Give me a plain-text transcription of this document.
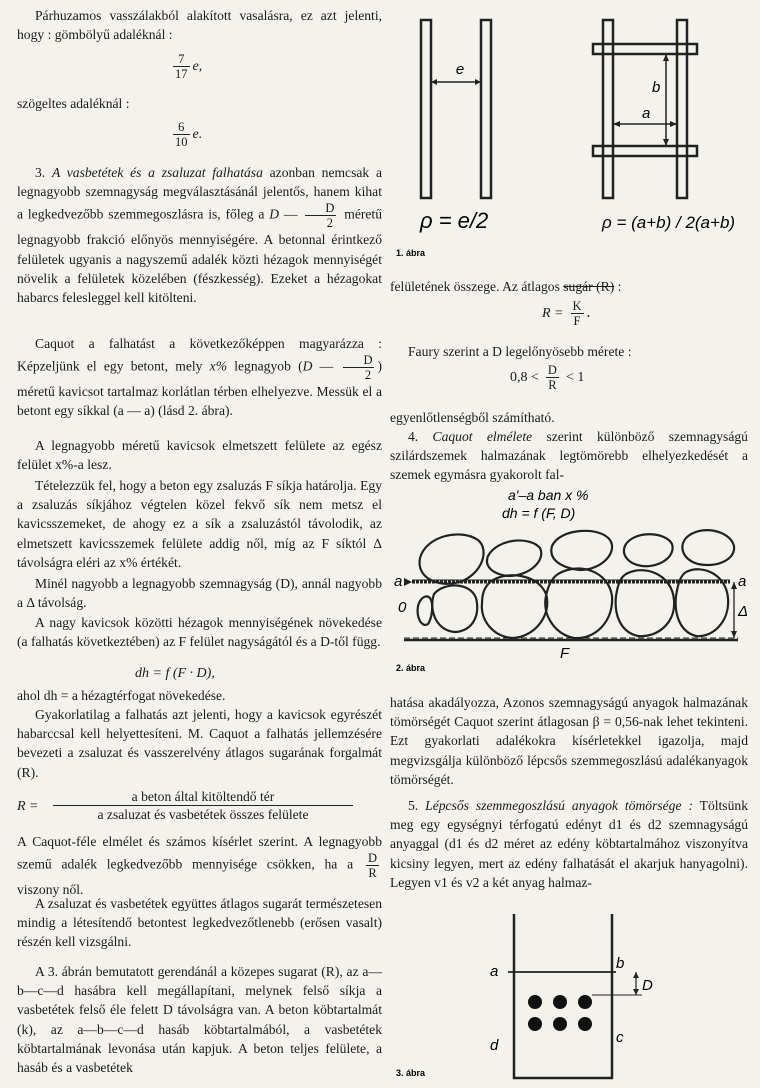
Párhuzamos vasszálakból alakított vasalásra, ez azt jelenti, hogy : gömbölyű adaléknál :

$\frac{7}{17} e$,

szögeltes adaléknál :

$\frac{6}{10} e$.

3. A vasbetétek és a zsaluzat falhatása azonban nemcsak a legnagyobb szemnagyság megválasztásánál jelentős, hanem kihat a legkedvezőbb szemmegoszlásra is, főleg a D — $\frac{D}{2}$ méretű legnagyobb frakció előnyös mennyiségére. A betonnal érintkező felületek ugyanis a nagyszemű adalék közti hézagok mennyiségét növelik a felületek közelében (fészkesség). Ezeket a hézagokat habarcs felesleggel kell kitölteni.

Caquot a falhatást a következőképpen magyarázza : Képzeljünk el egy betont, mely x% legnagyob (D — $\frac{D}{2}$ ) méretű kavicsot tartalmaz korlátlan térben elhelyezve. Messük el a betont egy síkkal (a — a) (lásd 2. ábra).

A legnagyobb méretű kavicsok elmetszett felülete az egész felület x%-a lesz.

Tételezzük fel, hogy a beton egy zsaluzás F síkja határolja. Egy a zsaluzás síkjához végtelen közel fekvő sík nem metsz el kavicsszemeket, de ahogy ez a sík a zsaluzástól távolodik, az elmetszett kavicsszemek felülete addig nől, míg az F síktól Δ távolságra eléri az x% értékét.

Minél nagyobb a legnagyobb szemnagyság (D), annál nagyobb a Δ távolság.

A nagy kavicsok közötti hézagok mennyiségének növekedése (a falhatás következtében) az F felület nagyságától és a D-től függ.

dh = f (F · D),

ahol dh = a hézagtérfogat növekedése.

Gyakorlatilag a falhatás azt jelenti, hogy a kavicsok egyrészét habarccsal kell helyettesíteni. M. Caquot a falhatás jellemzésére bevezeti a zsaluzat és vasszerelvény átlagos sugarának forgalmát (R).

R =
a beton által kitöltendő tér
a zsaluzat és vasbetétek összes felülete

A Caquot-féle elmélet és számos kísérlet szerint. A legnagyobb szemű adalék legkedvezőbb mennyisége csökken, ha a $\frac{D}{R}$
viszony nől.

A zsaluzat és vasbetétek együttes átlagos sugarát természetesen mindig a létesítendő betontest legkedvezőtlenebb (erősen vasalt) részén kell vizsgálni.

A 3. ábrán bemutatott gerendánál a közepes sugarat (R), az a—b—c—d hasábra kell megállapítani, melynek felső síkja a vasbetétek felső éle felett D távolságra van. A beton köbtartalmát (k), az a—b—c—d hasáb köbtartalmából, a vasbetétek köbtartalmának levonása után kapjuk. A beton teljes felülete, a hasáb és a vasbetétek

e
ρ = e/2
b
a
ρ = (a+b) / 2(a+b)
1. ábra

felületének összege. Az átlagos sugár (R) :

$R = \frac{K}{F}$ .

Faury szerint a D legelőnyösebb mérete :

$0,8 < \frac{D}{R} < 1$

egyenlőtlenségből számítható.

4. Caquot elmélete szerint különböző szemnagyságú szilárdszemek halmazának legtömörebb elhelyezkedését a szemek egymásra gyakorolt fal-

a'–a ban x %
dh = f (F, D)
a	a
0
F
Δ
2. ábra

hatása akadályozza, Azonos szemnagyságú anyagok halmazának tömörségét Caquot szerint átlagosan β = 0,56-nak lehet tekinteni. Ezt gyakorlati adalékokra kísérletekkel igazolja, majd megvizsgálja különböző lépcsős szemmegoszlású adalékanyagok tömörségét.

5. Lépcsős szemmegoszlású anyagok tömörsége : Töltsünk meg egy egységnyi térfogatú edényt d1 és d2 szemnagyságú anyaggal (d1 és d2 méret az edény köbtartalmához viszonyítva kicsiny legyen, mert az edény falhatását el akarjuk hanyagolni). Legyen v1 és v2 a két anyag halmaz-

a	b
c
d
D
3. ábra
